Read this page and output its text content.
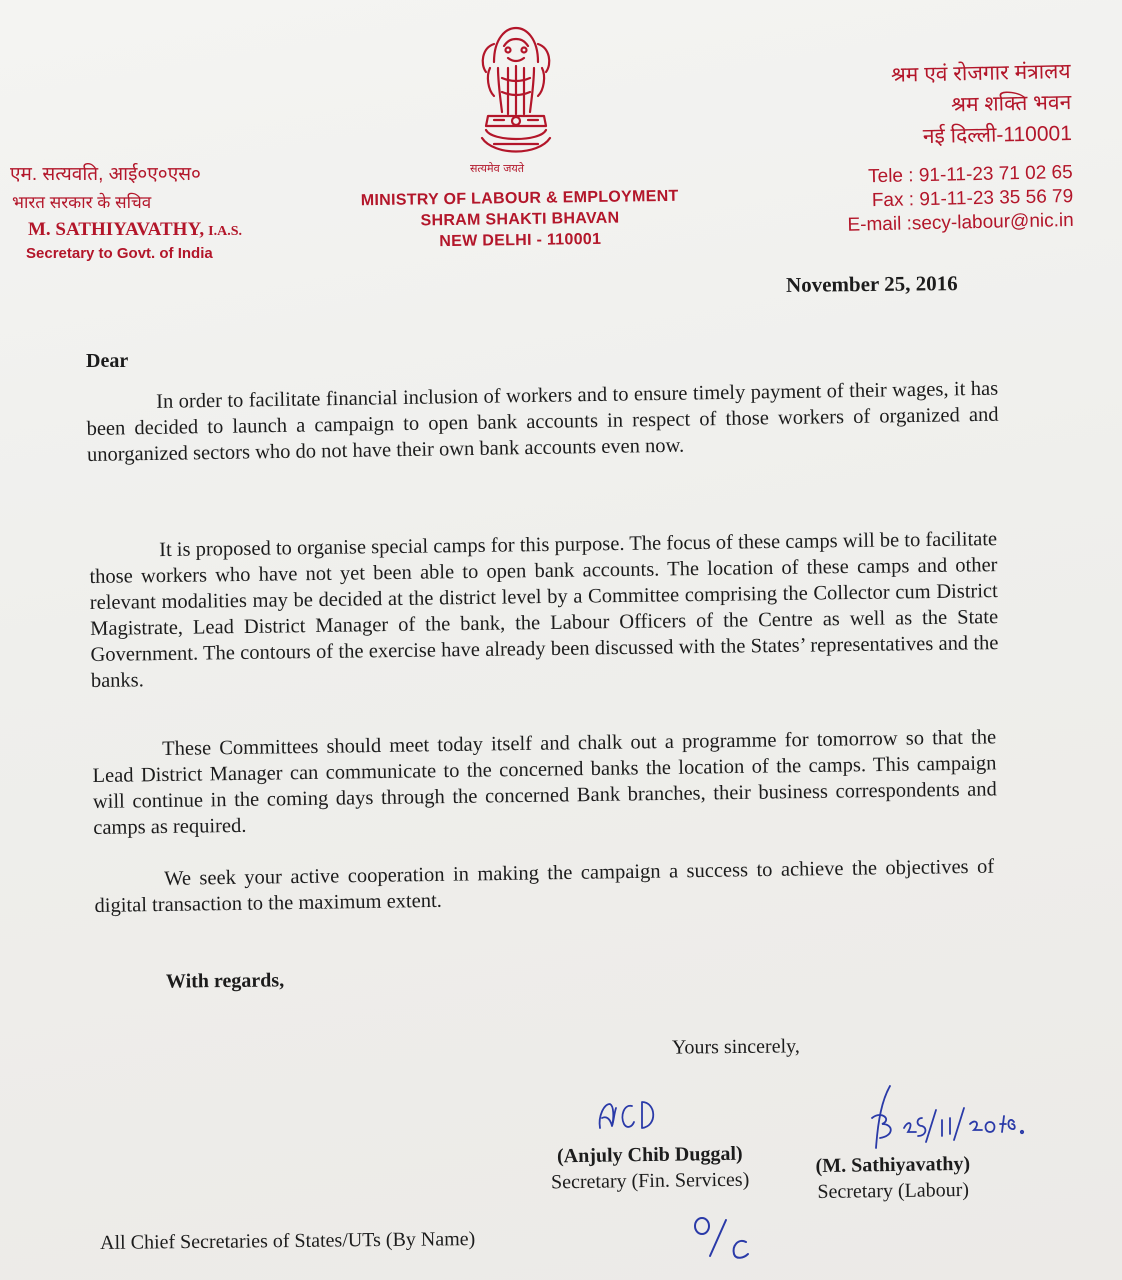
एम. सत्यवति, आई०ए०एस०

भारत सरकार के सचिव

M. SATHIYAVATHY, I.A.S.

Secretary to Govt. of India

सत्यमेव जयते
MINISTRY OF LABOUR & EMPLOYMENT
SHRAM SHAKTI BHAVAN
NEW DELHI - 110001
श्रम एवं रोजगार मंत्रालय
श्रम शक्ति भवन
नई दिल्ली-110001
Tele : 91-11-23 71 02 65
Fax : 91-11-23 35 56 79
E-mail :secy-labour@nic.in
November 25, 2016
Dear

In order to facilitate financial inclusion of workers and to ensure timely payment of their wages, it has been decided to launch a campaign to open bank accounts in respect of those workers of organized and unorganized sectors who do not have their own bank accounts even now.

It is proposed to organise special camps for this purpose. The focus of these camps will be to facilitate those workers who have not yet been able to open bank accounts. The location of these camps and other relevant modalities may be decided at the district level by a Committee comprising the Collector cum District Magistrate, Lead District Manager of the bank, the Labour Officers of the Centre as well as the State Government. The contours of the exercise have already been discussed with the States’ representatives and the banks.

These Committees should meet today itself and chalk out a programme for tomorrow so that the Lead District Manager can communicate to the concerned banks the location of the camps. This campaign will continue in the coming days through the concerned Bank branches, their business correspondents and camps as required.

We seek your active cooperation in making the campaign a success to achieve the objectives of digital transaction to the maximum extent.

With regards,
Yours sincerely,
(Anjuly Chib Duggal)
Secretary (Fin. Services)
(M. Sathiyavathy)
Secretary (Labour)
All Chief Secretaries of States/UTs (By Name)
